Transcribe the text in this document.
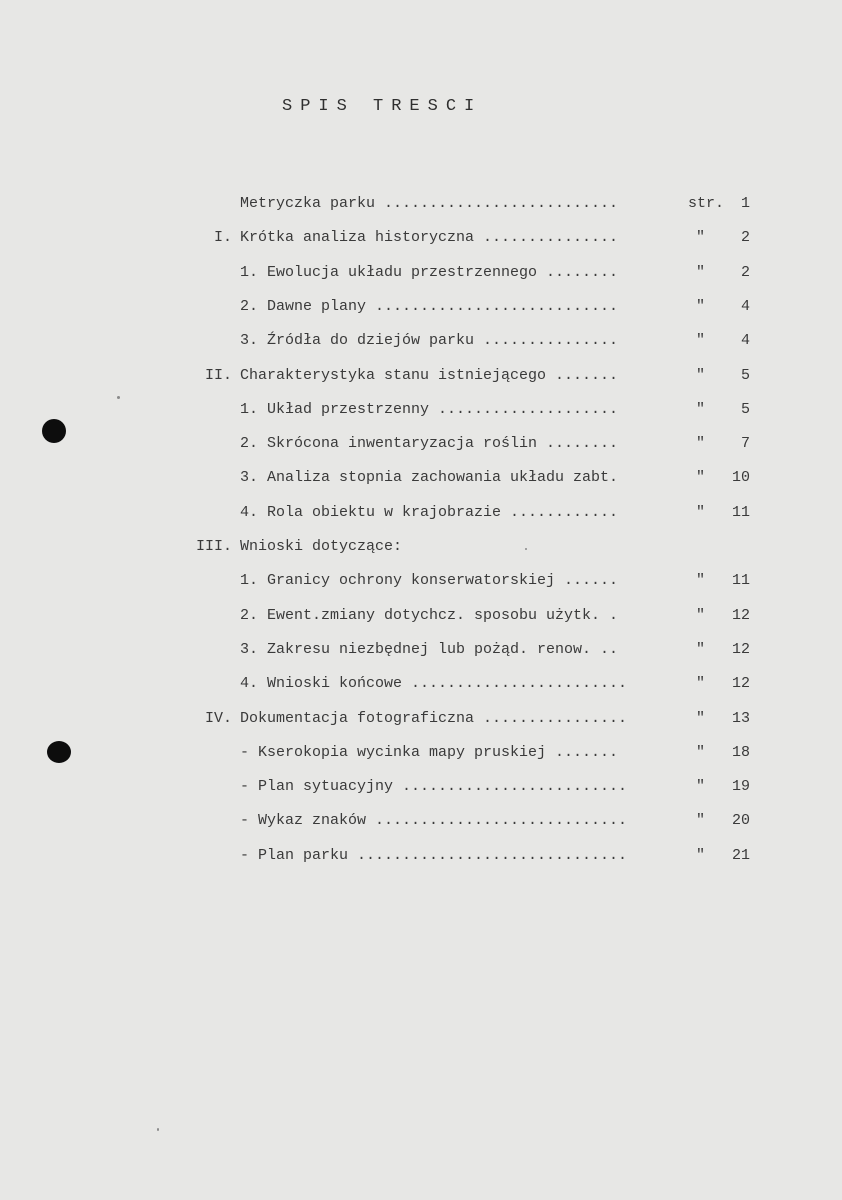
SPIS TRESCI
Metryczka parku ..........................	str. 1
I. Krótka analiza historyczna ...............	" 2
1. Ewolucja układu przestrzennego ........	" 2
2. Dawne plany ...........................	" 4
3. Źródła do dziejów parku ...............	" 4
II. Charakterystyka stanu istniejącego .......	" 5
1. Układ przestrzenny ....................	" 5
2. Skrócona inwentaryzacja roślin ........	" 7
3. Analiza stopnia zachowania układu zabt.	" 10
4. Rola obiektu w krajobrazie ............	" 11
III. Wnioski dotyczące:
1. Granicy ochrony konserwatorskiej ......	" 11
2. Ewent.zmiany dotychcz. sposobu użytk. .	" 12
3. Zakresu niezbędnej lub pożąd. renow. ..	" 12
4. Wnioski końcowe ........................	" 12
IV. Dokumentacja fotograficzna ................	" 13
- Kserokopia wycinka mapy pruskiej .......	" 18
- Plan sytuacyjny .........................	" 19
- Wykaz znaków ............................	" 20
- Plan parku ..............................	" 21
